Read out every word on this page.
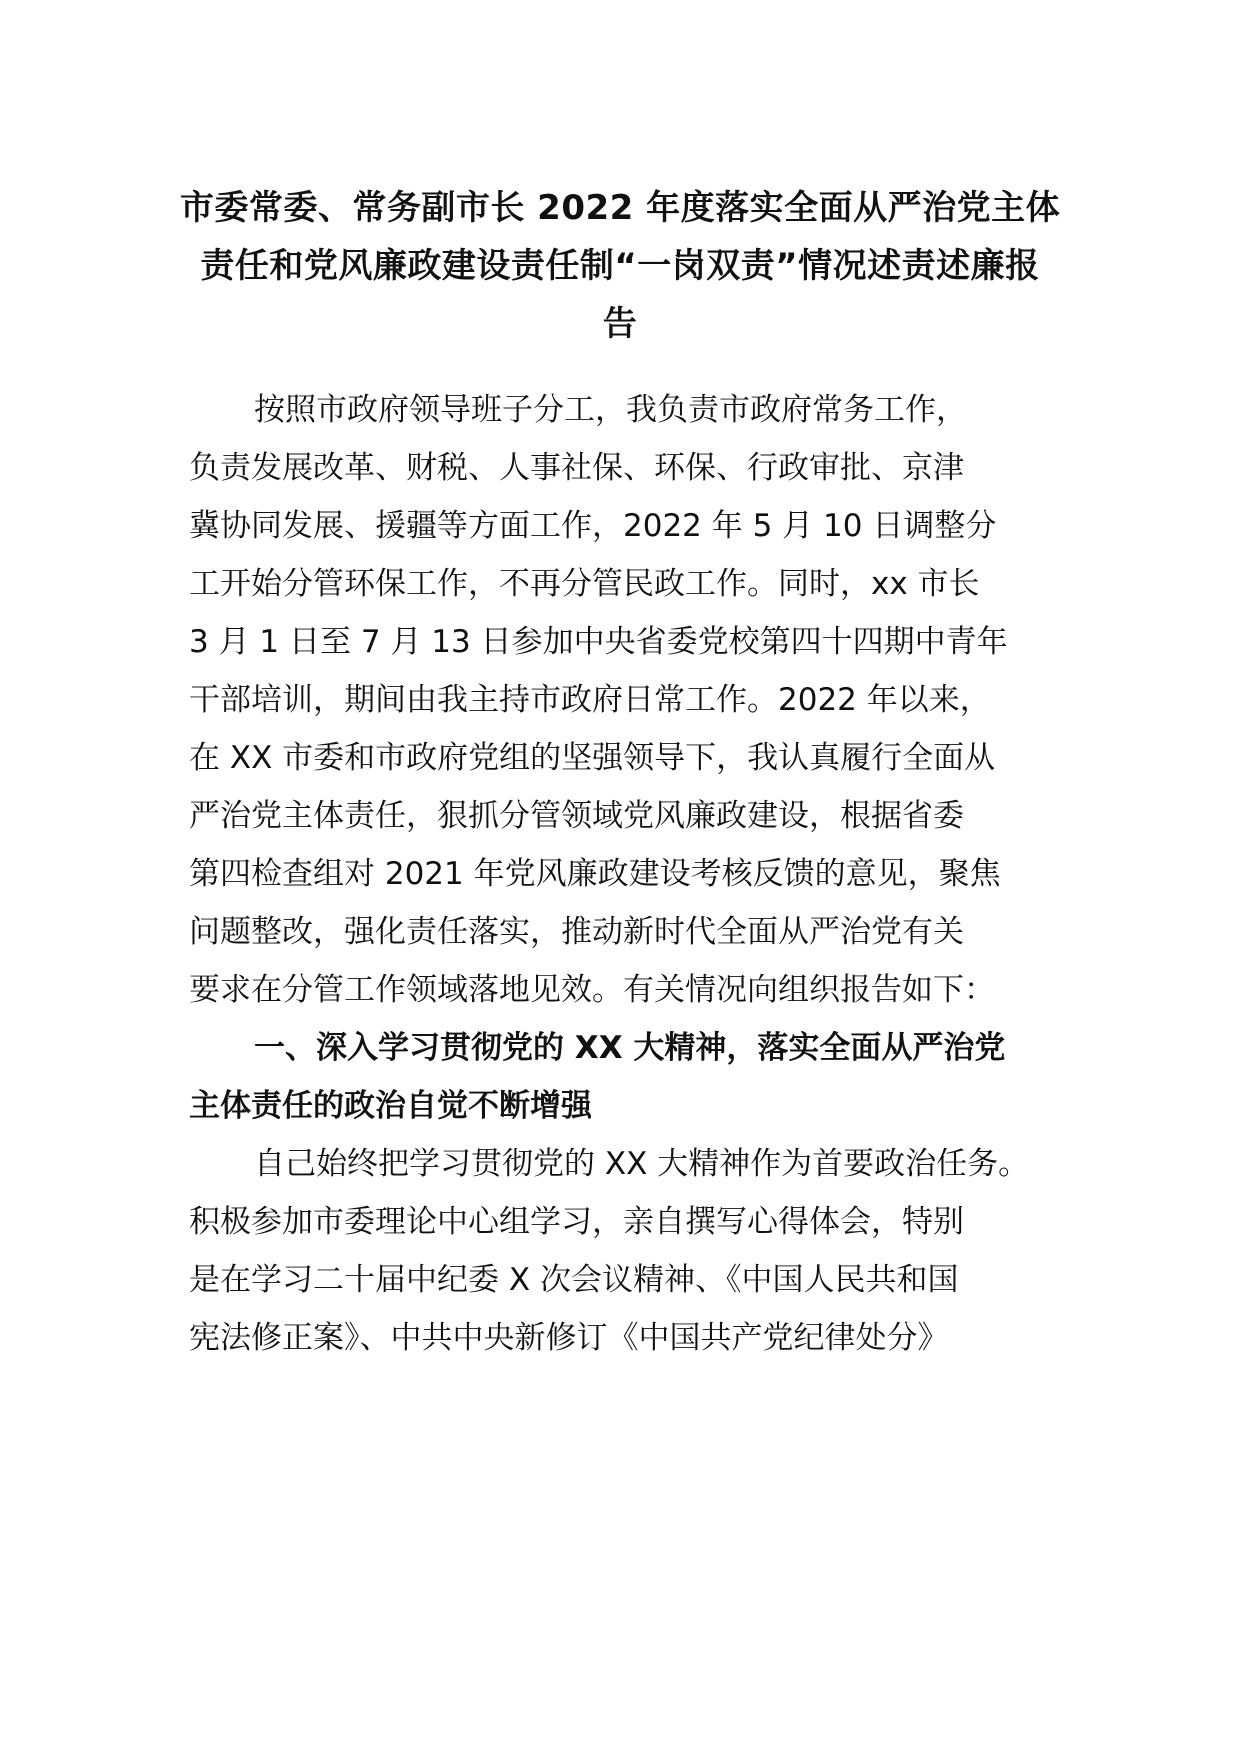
市委常委、常务副市长 2022 年度落实全面从严治党主体
责任和党风廉政建设责任制“一岗双责”情况述责述廉报
告
按照市政府领导班子分工，我负责市政府常务工作，
负责发展改革、财税、人事社保、环保、行政审批、京津
冀协同发展、援疆等方面工作，2022 年 5 月 10 日调整分
工开始分管环保工作，不再分管民政工作。同时，xx 市长
3 月 1 日至 7 月 13 日参加中央省委党校第四十四期中青年
干部培训，期间由我主持市政府日常工作。2022 年以来，
在 XX 市委和市政府党组的坚强领导下，我认真履行全面从
严治党主体责任，狠抓分管领域党风廉政建设，根据省委
第四检查组对 2021 年党风廉政建设考核反馈的意见，聚焦
问题整改，强化责任落实，推动新时代全面从严治党有关
要求在分管工作领域落地见效。有关情况向组织报告如下：
一、深入学习贯彻党的 XX 大精神，落实全面从严治党
主体责任的政治自觉不断增强
自己始终把学习贯彻党的 XX 大精神作为首要政治任务。
积极参加市委理论中心组学习，亲自撰写心得体会，特别
是在学习二十届中纪委 X 次会议精神、《中国人民共和国
宪法修正案》、中共中央新修订《中国共产党纪律处分》
